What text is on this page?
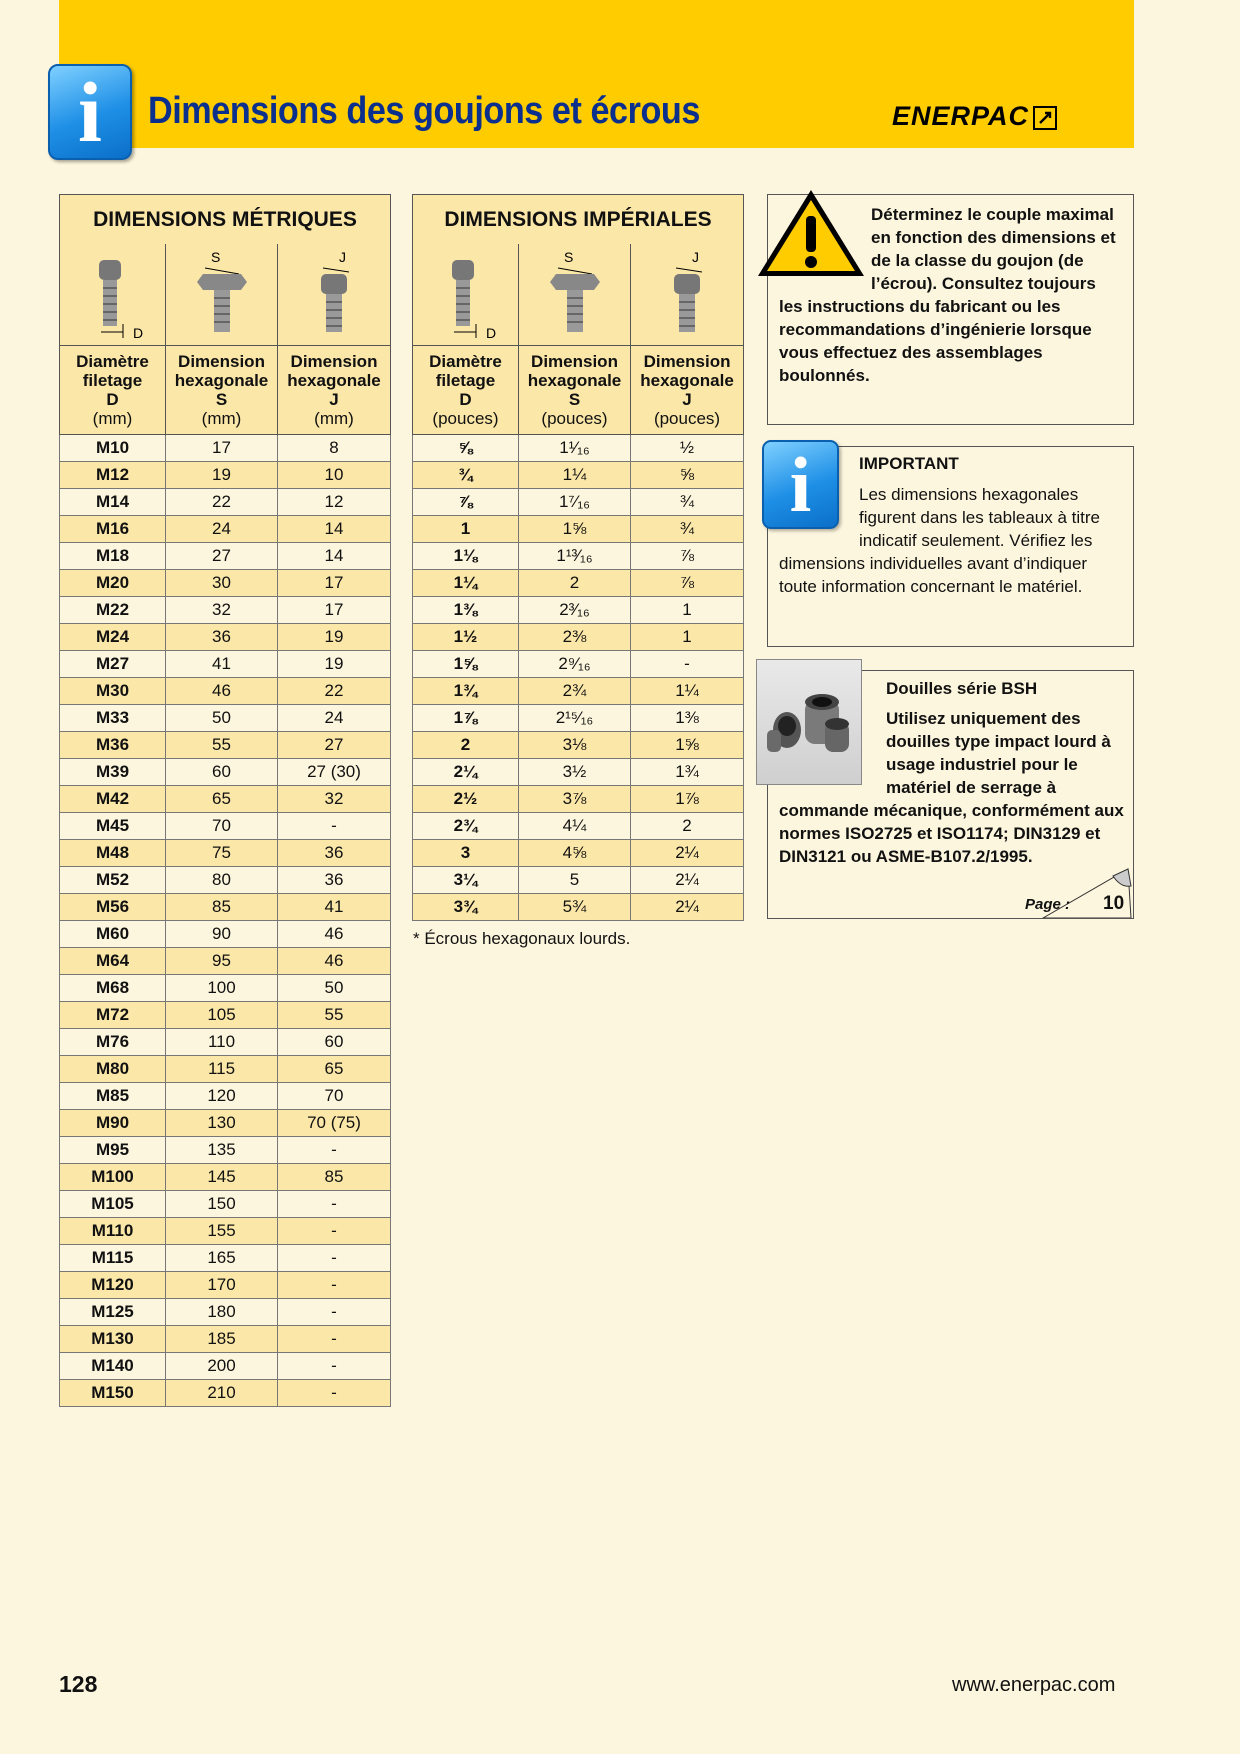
i	Dimensions des goujons et écrous	ENERPAC
DIMENSIONS MÉTRIQUES		

D	S	J

Diamètre
filetage
D
(mm)	Dimension
hexagonale
S
(mm)	Dimension
hexagonale
J
(mm)

M10	17	8
M12	19	10
M14	22	12
M16	24	14
M18	27	14
M20	30	17
M22	32	17
M24	36	19
M27	41	19
M30	46	22
M33	50	24
M36	55	27
M39	60	27 (30)
M42	65	32
M45	70	-
M48	75	36
M52	80	36
M56	85	41
M60	90	46
M64	95	46
M68	100	50
M72	105	55
M76	110	60
M80	115	65
M85	120	70
M90	130	70 (75)
M95	135	-
M100	145	85
M105	150	-
M110	155	-
M115	165	-
M120	170	-
M125	180	-
M130	185	-
M140	200	-
M150	210	-
DIMENSIONS IMPÉRIALES		

D	S	J

Diamètre
filetage
D
(pouces)	Dimension
hexagonale
S
(pouces)	Dimension
hexagonale
J
(pouces)

⅝	1¹⁄₁₆	½
¾	1¼	⅝
⅞	1⁷⁄₁₆	¾
1	1⅝	¾
1⅛	1¹³⁄₁₆	⅞
1¼	2	⅞
1⅜	2³⁄₁₆	1
1½	2⅜	1
1⅝	2⁹⁄₁₆	-
1¾	2¾	1¼
1⅞	2¹⁵⁄₁₆	1⅜
2	3⅛	1⅝
2¼	3½	1¾
2½	3⅞	1⅞
2¾	4¼	2
3	4⅝	2¼
3¼	5	2¼
3¾	5¾	2¼
* Écrous hexagonaux lourds.
Déterminez le couple maximal en fonction des dimensions et de la classe du goujon (de l’écrou). Consultez toujours les instructions du fabricant ou les recommandations d’ingénierie lorsque vous effectuez des assemblages boulonnés.
IMPORTANT
Les dimensions hexagonales figurent dans les tableaux à titre indicatif seulement. Vérifiez les dimensions individuelles avant d’indiquer toute information concernant le matériel.
i
Douilles série BSH
Utilisez uniquement des douilles type impact lourd à usage industriel pour le matériel de serrage à commande mécanique, conformément aux normes ISO2725 et ISO1174; DIN3129 et DIN3121 ou ASME-B107.2/1995.
Page : 10
128	www.enerpac.com
